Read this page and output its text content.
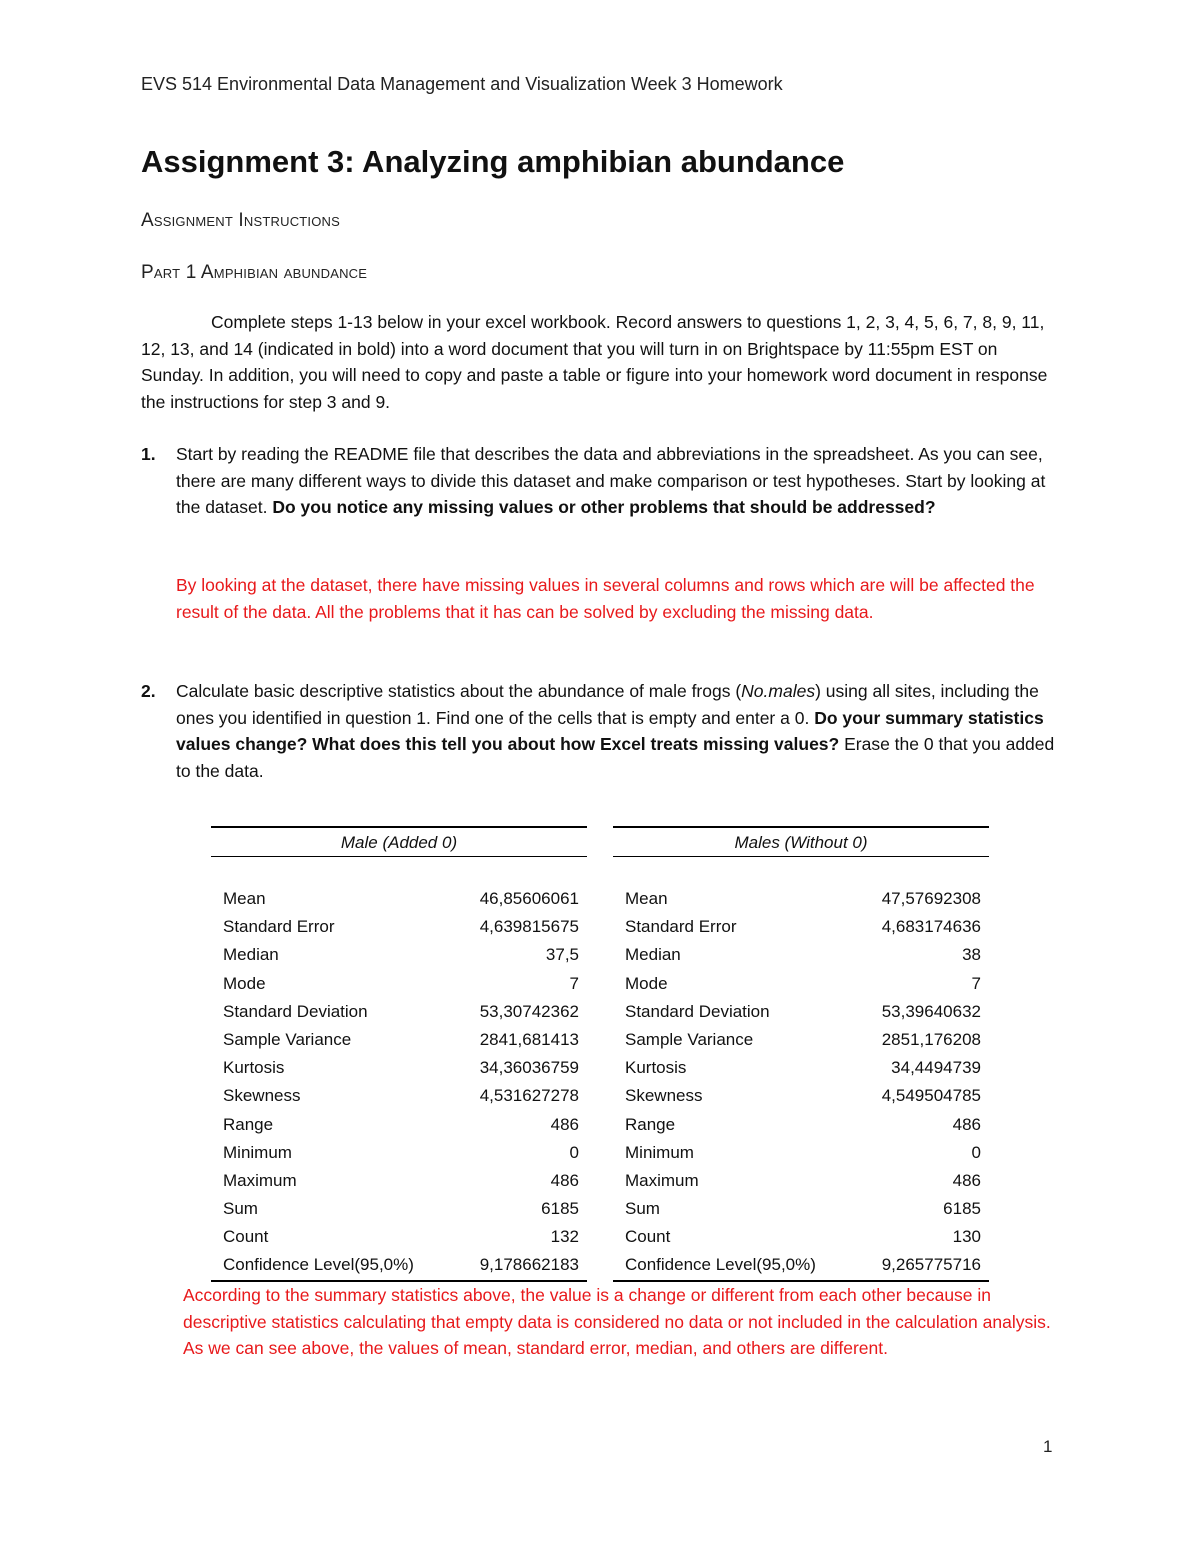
EVS 514 Environmental Data Management and Visualization Week 3 Homework
Assignment 3: Analyzing amphibian abundance
Assignment Instructions
Part 1 Amphibian abundance
Complete steps 1-13 below in your excel workbook. Record answers to questions 1, 2, 3, 4, 5, 6, 7, 8, 9, 11, 12, 13, and 14 (indicated in bold) into a word document that you will turn in on Brightspace by 11:55pm EST on Sunday. In addition, you will need to copy and paste a table or figure into your homework word document in response the instructions for step 3 and 9.
1. Start by reading the README file that describes the data and abbreviations in the spreadsheet. As you can see, there are many different ways to divide this dataset and make comparison or test hypotheses. Start by looking at the dataset. Do you notice any missing values or other problems that should be addressed?
By looking at the dataset, there have missing values in several columns and rows which are will be affected the result of the data. All the problems that it has can be solved by excluding the missing data.
2. Calculate basic descriptive statistics about the abundance of male frogs (No.males) using all sites, including the ones you identified in question 1. Find one of the cells that is empty and enter a 0. Do your summary statistics values change? What does this tell you about how Excel treats missing values? Erase the 0 that you added to the data.
Male (Added 0)
Mean	46,85606061
Standard Error	4,639815675
Median	37,5
Mode	7
Standard Deviation	53,30742362
Sample Variance	2841,681413
Kurtosis	34,36036759
Skewness	4,531627278
Range	486
Minimum	0
Maximum	486
Sum	6185
Count	132
Confidence Level(95,0%)	9,178662183
Males (Without 0)
Mean	47,57692308
Standard Error	4,683174636
Median	38
Mode	7
Standard Deviation	53,39640632
Sample Variance	2851,176208
Kurtosis	34,4494739
Skewness	4,549504785
Range	486
Minimum	0
Maximum	486
Sum	6185
Count	130
Confidence Level(95,0%)	9,265775716
According to the summary statistics above, the value is a change or different from each other because in descriptive statistics calculating that empty data is considered no data or not included in the calculation analysis. As we can see above, the values of mean, standard error, median, and others are different.
1
